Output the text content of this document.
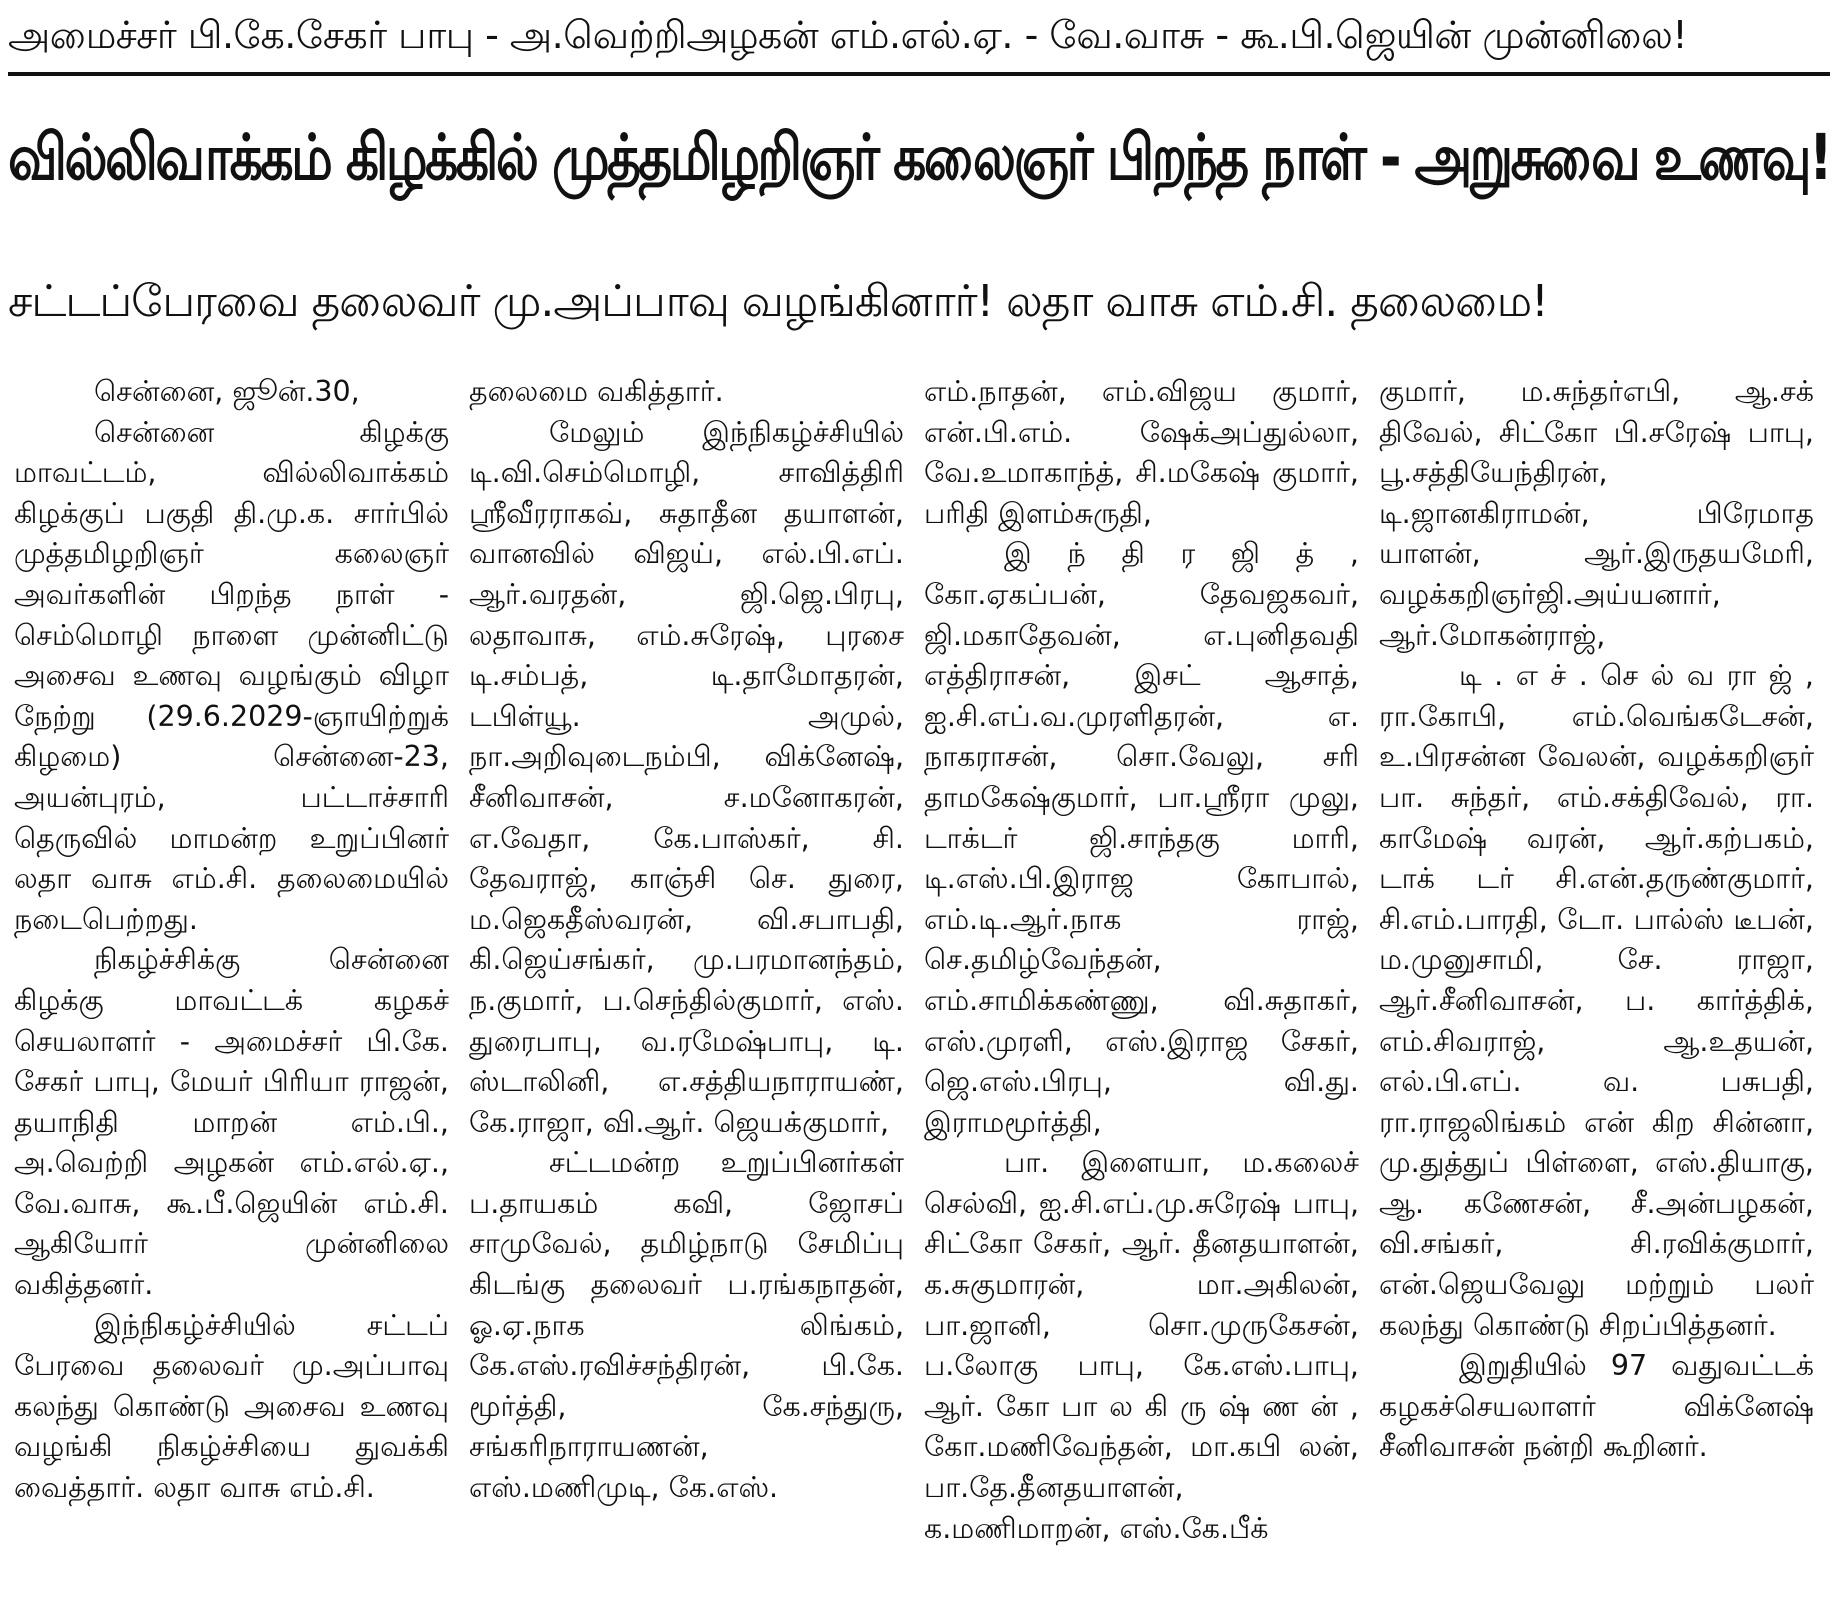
அமைச்சர் பி.கே.சேகர் பாபு - அ.வெற்றிஅழகன் எம்.எல்.ஏ. - வே.வாசு - கூ.பி.ஜெயின் முன்னிலை!
வில்லிவாக்கம் கிழக்கில் முத்தமிழறிஞர் கலைஞர் பிறந்த நாள் - அறுசுவை உணவு!
சட்டப்பேரவை தலைவர் மு.அப்பாவு வழங்கினார்! லதா வாசு எம்.சி. தலைமை!

சென்னை, ஜூன்.30,

சென்னை கிழக்கு மாவட்டம், வில்லிவாக்கம் கிழக்குப் பகுதி தி.மு.க. சார்பில் முத்தமிழறிஞர் கலைஞர் அவர்களின் பிறந்த நாள் - செம்மொழி நாளை முன்னிட்டு அசைவ உணவு வழங்கும் விழா நேற்று (29.6.2029-ஞாயிற்றுக் கிழமை) சென்னை-23, அயன்புரம், பட்டாச்சாரி தெருவில் மாமன்ற உறுப்பினர் லதா வாசு எம்.சி. தலைமையில் நடைபெற்றது.

நிகழ்ச்சிக்கு சென்னை கிழக்கு மாவட்டக் கழகச் செயலாளர் - அமைச்சர் பி.கே. சேகர் பாபு, மேயர் பிரியா ராஜன், தயாநிதி மாறன் எம்.பி., அ.வெற்றி அழகன் எம்.எல்.ஏ., வே.வாசு, கூ.பீ.ஜெயின் எம்.சி. ஆகியோர் முன்னிலை வகித்தனர்.

இந்நிகழ்ச்சியில் சட்டப் பேரவை தலைவர் மு.அப்பாவு கலந்து கொண்டு அசைவ உணவு வழங்கி நிகழ்ச்சியை துவக்கி வைத்தார். லதா வாசு எம்.சி.

தலைமை வகித்தார்.

மேலும் இந்நிகழ்ச்சியில் டி.வி.செம்மொழி, சாவித்திரி ஸ்ரீவீரராகவ், சுதாதீன தயாளன், வானவில் விஜய், எல்.பி.எப். ஆர்.வரதன், ஜி.ஜெ.பிரபு, லதாவாசு, எம்.சுரேஷ், புரசை டி.சம்பத், டி.தாமோதரன், டபிள்யூ. அமுல், நா.அறிவுடைநம்பி, விக்னேஷ், சீனிவாசன், ச.மனோகரன், எ.வேதா, கே.பாஸ்கர், சி. தேவராஜ், காஞ்சி செ. துரை, ம.ஜெகதீஸ்வரன், வி.சபாபதி, கி.ஜெய்சங்கர், மு.பரமானந்தம், ந.குமார், ப.செந்தில்குமார், எஸ். துரைபாபு, வ.ரமேஷ்பாபு, டி. ஸ்டாலினி, எ.சத்தியநாராயண், கே.ராஜா, வி.ஆர். ஜெயக்குமார்,

சட்டமன்ற உறுப்பினர்கள் ப.தாயகம் கவி, ஜோசப் சாமுவேல், தமிழ்நாடு சேமிப்பு கிடங்கு தலைவர் ப.ரங்கநாதன், ஓ.ஏ.நாக லிங்கம், கே.எஸ்.ரவிச்சந்திரன், பி.கே. மூர்த்தி, கே.சந்துரு, சங்கரிநாராயணன், எஸ்.மணிமுடி, கே.எஸ்.

எம்.நாதன், எம்.விஜய குமார், என்.பி.எம். ஷேக்அப்துல்லா, வே.உமாகாந்த், சி.மகேஷ் குமார், பரிதி இளம்சுருதி,

இ ந் தி ர ஜி த் , கோ.ஏகப்பன், தேவஜகவர், ஜி.மகாதேவன், எ.புனிதவதி எத்திராசன், இசட் ஆசாத், ஐ.சி.எப்.வ.முரளிதரன், எ. நாகராசன், சொ.வேலு, சரி தாமகேஷ்குமார், பா.ஸ்ரீரா முலு, டாக்டர் ஜி.சாந்தகு மாரி, டி.எஸ்.பி.இராஜ கோபால், எம்.டி.ஆர்.நாக ராஜ், செ.தமிழ்வேந்தன், எம்.சாமிக்கண்ணு, வி.சுதாகர், எஸ்.முரளி, எஸ்.இராஜ சேகர், ஜெ.எஸ்.பிரபு, வி.து. இராமமூர்த்தி,

பா. இளையா, ம.கலைச் செல்வி, ஐ.சி.எப்.மு.சுரேஷ் பாபு, சிட்கோ சேகர், ஆர். தீனதயாளன், க.சுகுமாரன், மா.அகிலன், பா.ஜானி, சொ.முருகேசன், ப.லோகு பாபு, கே.எஸ்.பாபு, ஆர். கோ பா ல கி ரு ஷ் ண ன் , கோ.மணிவேந்தன், மா.கபி லன், பா.தே.தீனதயாளன், க.மணிமாறன், எஸ்.கே.பீக்

குமார், ம.சுந்தர்எபி, ஆ.சக் திவேல், சிட்கோ பி.சரேஷ் பாபு, பூ.சத்தியேந்திரன், டி.ஜானகிராமன், பிரேமாத யாளன், ஆர்.இருதயமேரி, வழக்கறிஞர்ஜி.அய்யனார், ஆர்.மோகன்ராஜ்,

டி . எ ச் . செ ல் வ ரா ஜ் , ரா.கோபி, எம்.வெங்கடேசன், உ.பிரசன்ன வேலன், வழக்கறிஞர் பா. சுந்தர், எம்.சக்திவேல், ரா. காமேஷ் வரன், ஆர்.கற்பகம், டாக் டர் சி.என்.தருண்குமார், சி.எம்.பாரதி, டோ. பால்ஸ் டீபன், ம.முனுசாமி, சே. ராஜா, ஆர்.சீனிவாசன், ப. கார்த்திக், எம்.சிவராஜ், ஆ.உதயன், எல்.பி.எப். வ. பசுபதி, ரா.ராஜலிங்கம் என் கிற சின்னா, மு.துத்துப் பிள்ளை, எஸ்.தியாகு, ஆ. கணேசன், சீ.அன்பழகன், வி.சங்கர், சி.ரவிக்குமார், என்.ஜெயவேலு மற்றும் பலர் கலந்து கொண்டு சிறப்பித்தனர்.

இறுதியில் 97 வதுவட்டக் கழகச்செயலாளர் விக்னேஷ் சீனிவாசன் நன்றி கூறினர்.
